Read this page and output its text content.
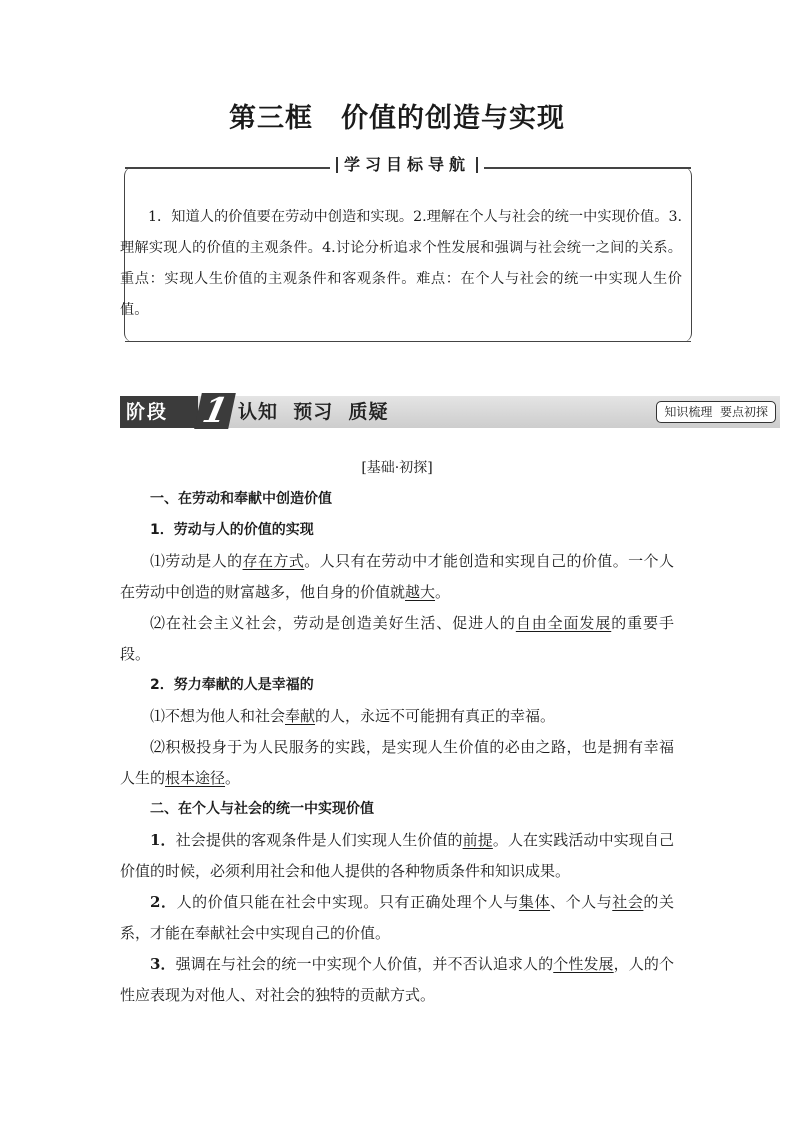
第三框　价值的创造与实现
学习目标导航
1．知道人的价值要在劳动中创造和实现。2.理解在个人与社会的统一中实现价值。3.理解实现人的价值的主观条件。4.讨论分析追求个性发展和强调与社会统一之间的关系。重点：实现人生价值的主观条件和客观条件。难点：在个人与社会的统一中实现人生价值。
阶段 1 认知  预习  质疑	知识梳理  要点初探

[基础·初探]

一、在劳动和奉献中创造价值

1．劳动与人的价值的实现

⑴劳动是人的存在方式。人只有在劳动中才能创造和实现自己的价值。一个人在劳动中创造的财富越多，他自身的价值就越大。

⑵在社会主义社会，劳动是创造美好生活、促进人的自由全面发展的重要手段。

2．努力奉献的人是幸福的

⑴不想为他人和社会奉献的人，永远不可能拥有真正的幸福。

⑵积极投身于为人民服务的实践，是实现人生价值的必由之路，也是拥有幸福人生的根本途径。

二、在个人与社会的统一中实现价值

1．社会提供的客观条件是人们实现人生价值的前提。人在实践活动中实现自己价值的时候，必须利用社会和他人提供的各种物质条件和知识成果。

2．人的价值只能在社会中实现。只有正确处理个人与集体、个人与社会的关系，才能在奉献社会中实现自己的价值。

3．强调在与社会的统一中实现个人价值，并不否认追求人的个性发展，人的个性应表现为对他人、对社会的独特的贡献方式。
